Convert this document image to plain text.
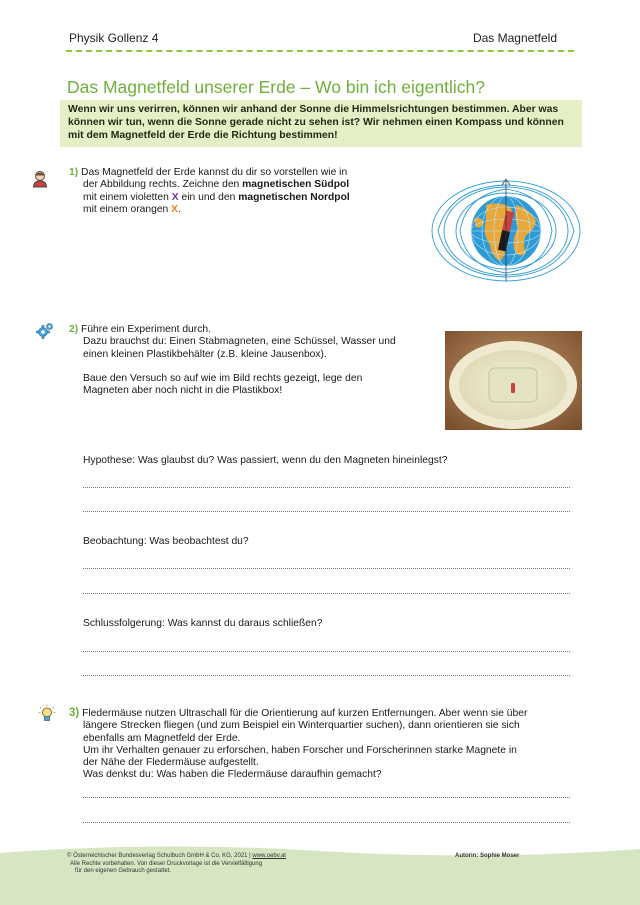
Physik Gollenz 4	Das Magnetfeld
Das Magnetfeld unserer Erde – Wo bin ich eigentlich?
Wenn wir uns verirren, können wir anhand der Sonne die Himmelsrichtungen bestimmen. Aber was können wir tun, wenn die Sonne gerade nicht zu sehen ist? Wir nehmen einen Kompass und können mit dem Magnetfeld der Erde die Richtung bestimmen!
1) Das Magnetfeld der Erde kannst du dir so vorstellen wie in
der Abbildung rechts. Zeichne den magnetischen Südpol
mit einem violetten X ein und den magnetischen Nordpol
mit einem orangen X.
2) Führe ein Experiment durch.
Dazu brauchst du: Einen Stabmagneten, eine Schüssel, Wasser und
einen kleinen Plastikbehälter (z.B. kleine Jausenbox).
Baue den Versuch so auf wie im Bild rechts gezeigt, lege den
Magneten aber noch nicht in die Plastikbox!
Hypothese: Was glaubst du? Was passiert, wenn du den Magneten hineinlegst?
Beobachtung: Was beobachtest du?
Schlussfolgerung: Was kannst du daraus schließen?
3) Fledermäuse nutzen Ultraschall für die Orientierung auf kurzen Entfernungen. Aber wenn sie über
längere Strecken fliegen (und zum Beispiel ein Winterquartier suchen), dann orientieren sie sich
ebenfalls am Magnetfeld der Erde.
Um ihr Verhalten genauer zu erforschen, haben Forscher und Forscherinnen starke Magnete in
der Nähe der Fledermäuse aufgestellt.
Was denkst du: Was haben die Fledermäuse daraufhin gemacht?
© Österreichischer Bundesverlag Schulbuch GmbH & Co. KG, 2021 | www.oebv.at
Alle Rechte vorbehalten. Von dieser Druckvorlage ist die Vervielfältigung
für den eigenen Gebrauch gestattet.
Autorin: Sophie Moser
